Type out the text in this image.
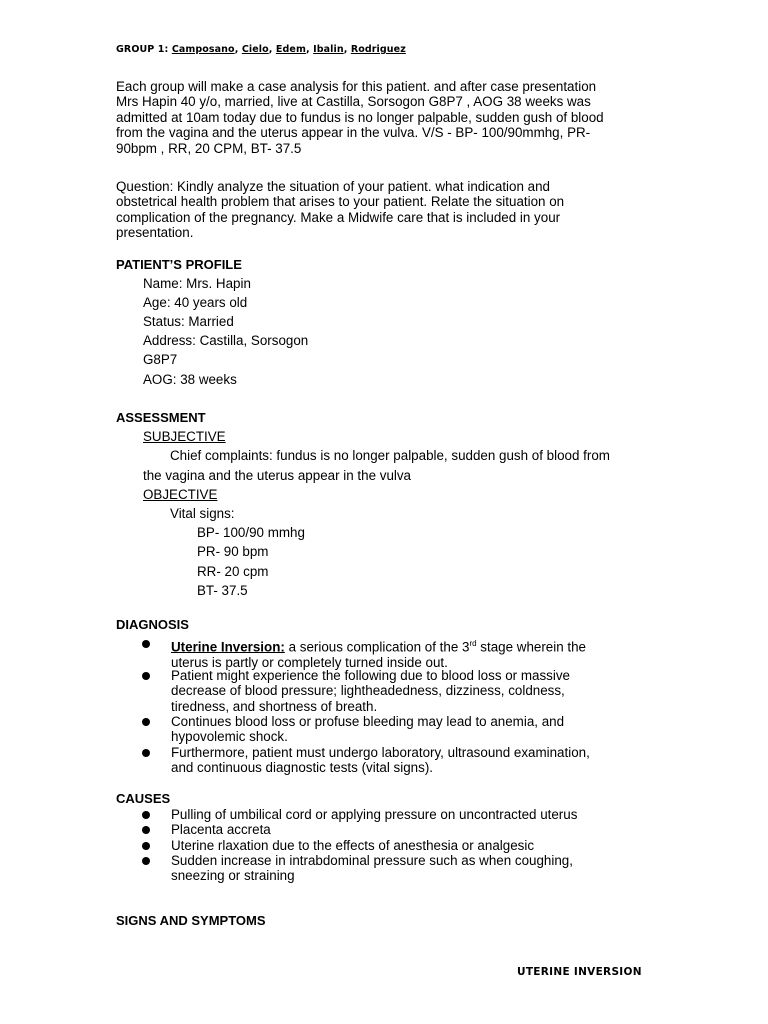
GROUP 1: Camposano, Cielo, Edem, Ibalin, Rodriguez
Each group will make a case analysis for this patient. and after case presentation
Mrs Hapin 40 y/o, married, live at Castilla, Sorsogon G8P7 , AOG 38 weeks was
admitted at 10am today due to fundus is no longer palpable, sudden gush of blood
from the vagina and the uterus appear in the vulva. V/S - BP- 100/90mmhg, PR-
90bpm , RR, 20 CPM, BT- 37.5
Question: Kindly analyze the situation of your patient. what indication and
obstetrical health problem that arises to your patient. Relate the situation on
complication of the pregnancy. Make a Midwife care that is included in your
presentation.
PATIENT’S PROFILE
Name: Mrs. Hapin
Age: 40 years old
Status: Married
Address: Castilla, Sorsogon
G8P7
AOG: 38 weeks
ASSESSMENT
SUBJECTIVE
Chief complaints: fundus is no longer palpable, sudden gush of blood from
the vagina and the uterus appear in the vulva
OBJECTIVE
Vital signs:
BP- 100/90 mmhg
PR- 90 bpm
RR- 20 cpm
BT- 37.5
DIAGNOSIS
Uterine Inversion: a serious complication of the 3rd stage wherein the
uterus is partly or completely turned inside out.
Patient might experience the following due to blood loss or massive
decrease of blood pressure; lightheadedness, dizziness, coldness,
tiredness, and shortness of breath.
Continues blood loss or profuse bleeding may lead to anemia, and
hypovolemic shock.
Furthermore, patient must undergo laboratory, ultrasound examination,
and continuous diagnostic tests (vital signs).
CAUSES
Pulling of umbilical cord or applying pressure on uncontracted uterus
Placenta accreta
Uterine rlaxation due to the effects of anesthesia or analgesic
Sudden increase in intrabdominal pressure such as when coughing,
sneezing or straining
SIGNS AND SYMPTOMS
UTERINE INVERSION
